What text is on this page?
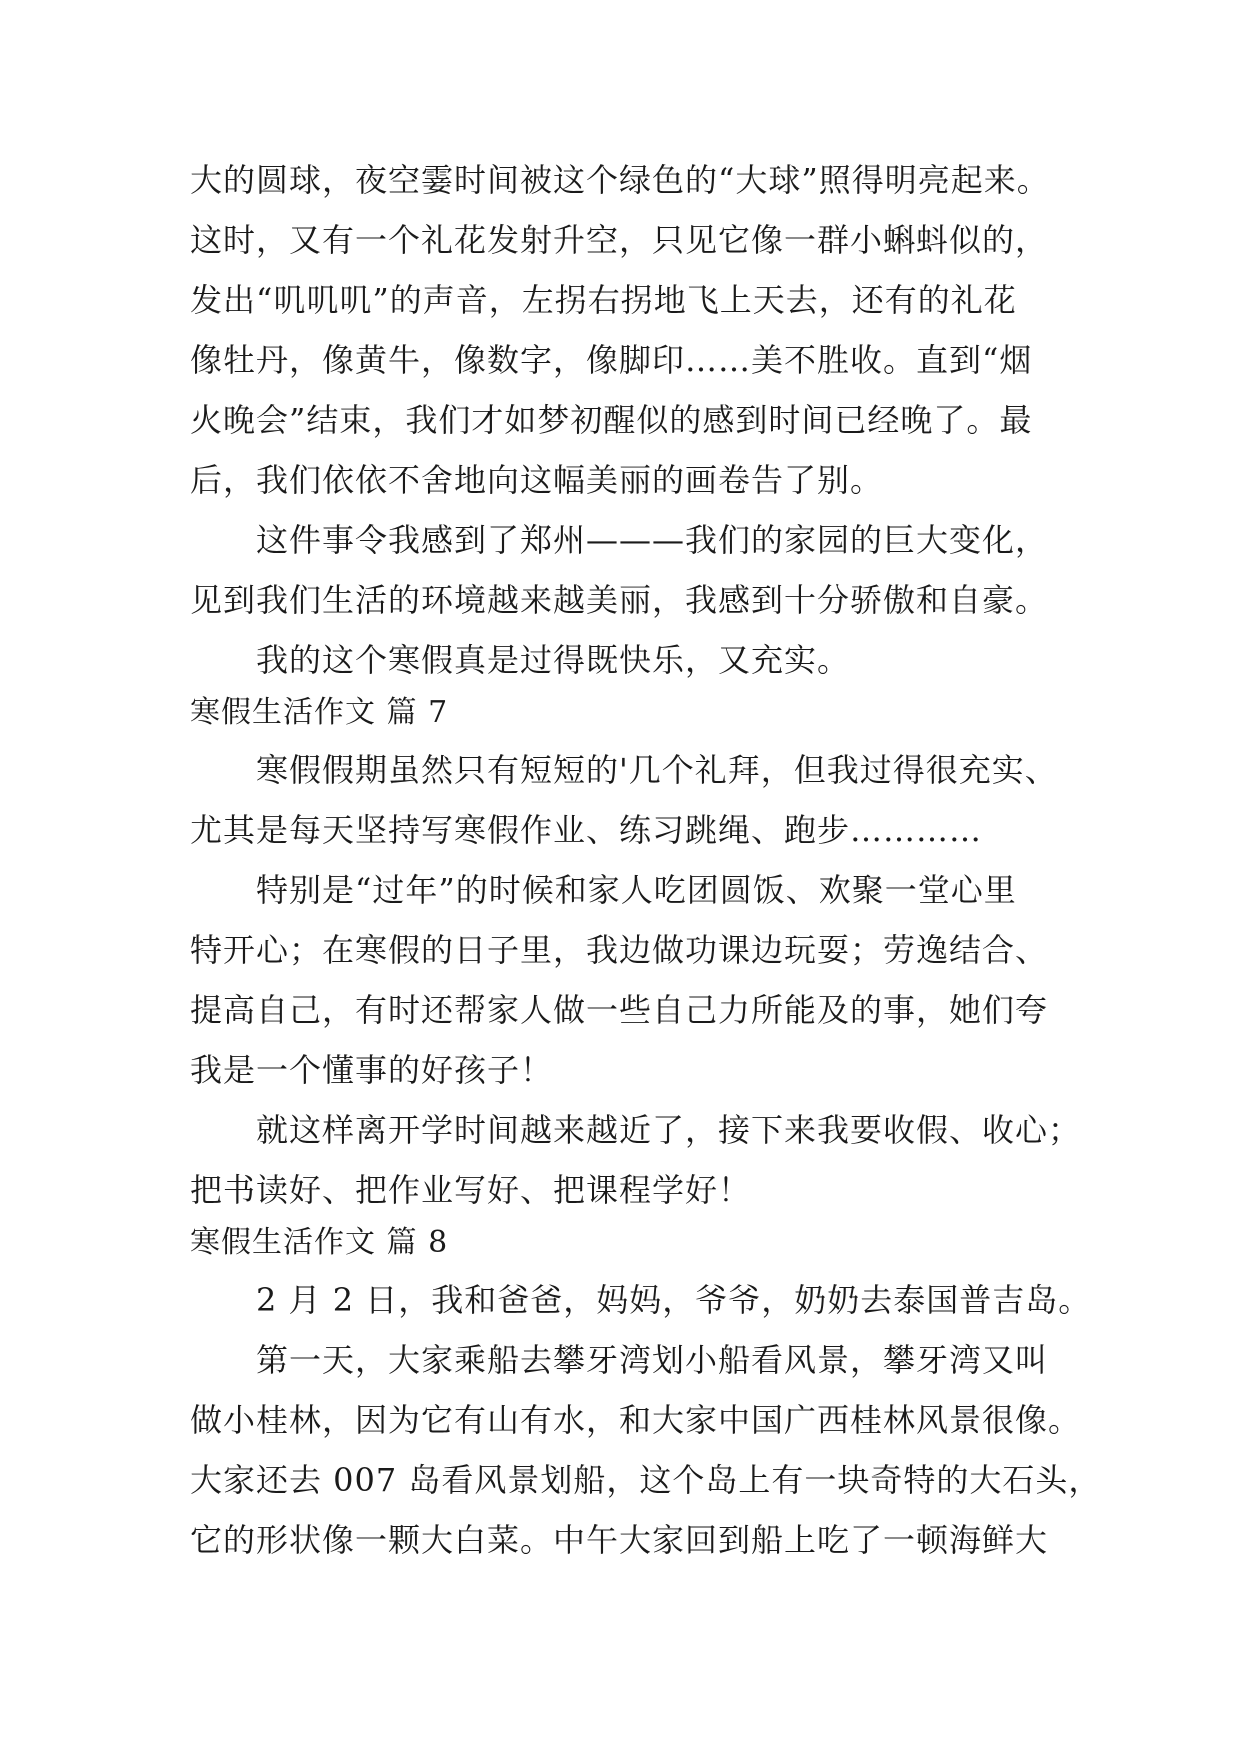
大的圆球，夜空霎时间被这个绿色的“大球”照得明亮起来。
这时，又有一个礼花发射升空，只见它像一群小蝌蚪似的，
发出“叽叽叽”的声音，左拐右拐地飞上天去，还有的礼花
像牡丹，像黄牛，像数字，像脚印……美不胜收。直到“烟
火晚会”结束，我们才如梦初醒似的感到时间已经晚了。最
后，我们依依不舍地向这幅美丽的画卷告了别。
这件事令我感到了郑州———我们的家园的巨大变化，
见到我们生活的环境越来越美丽，我感到十分骄傲和自豪。
我的这个寒假真是过得既快乐，又充实。
寒假生活作文 篇 7
寒假假期虽然只有短短的'几个礼拜，但我过得很充实、
尤其是每天坚持写寒假作业、练习跳绳、跑步…………
特别是“过年”的时候和家人吃团圆饭、欢聚一堂心里
特开心；在寒假的日子里，我边做功课边玩耍；劳逸结合、
提高自己，有时还帮家人做一些自己力所能及的事，她们夸
我是一个懂事的好孩子！
就这样离开学时间越来越近了，接下来我要收假、收心；
把书读好、把作业写好、把课程学好！
寒假生活作文 篇 8
2 月 2 日，我和爸爸，妈妈，爷爷，奶奶去泰国普吉岛。
第一天，大家乘船去攀牙湾划小船看风景，攀牙湾又叫
做小桂林，因为它有山有水，和大家中国广西桂林风景很像。
大家还去 007 岛看风景划船，这个岛上有一块奇特的大石头，
它的形状像一颗大白菜。中午大家回到船上吃了一顿海鲜大
